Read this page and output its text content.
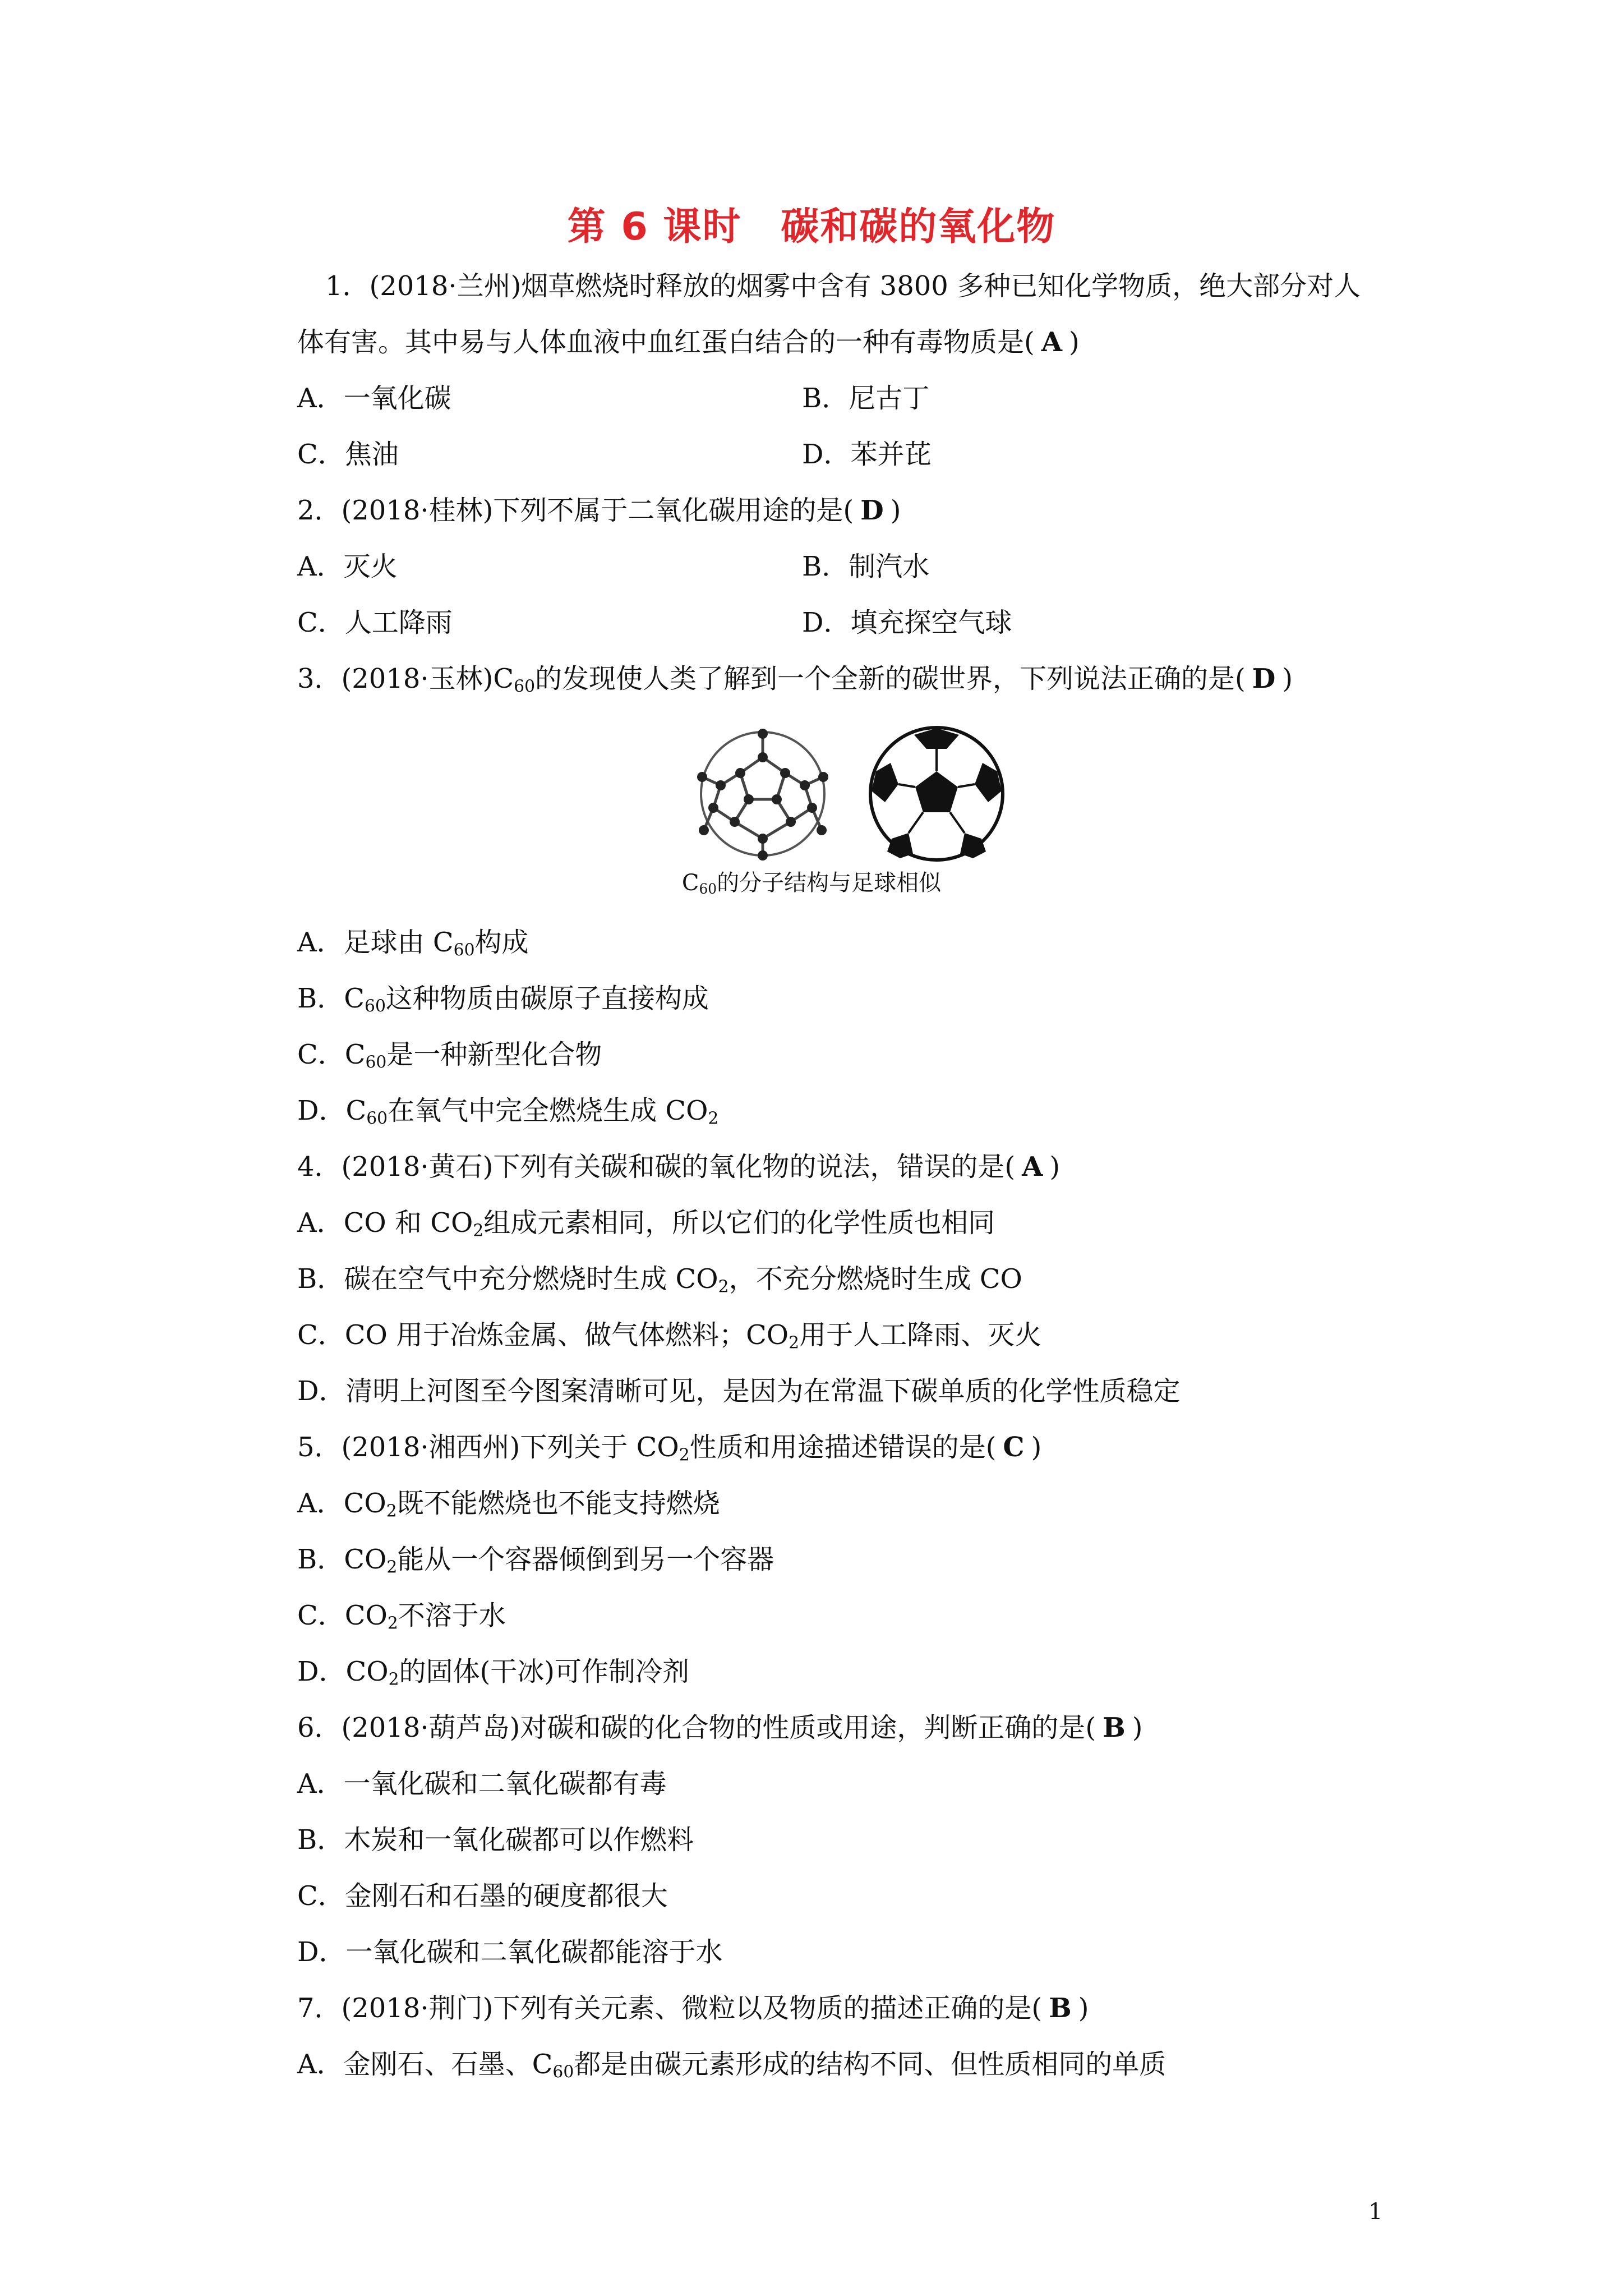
第 6 课时　碳和碳的氧化物
1．(2018·兰州)烟草燃烧时释放的烟雾中含有 3800 多种已知化学物质，绝大部分对人
体有害。其中易与人体血液中血红蛋白结合的一种有毒物质是( A )
A．一氧化碳	B．尼古丁
C．焦油	D．苯并芘
2．(2018·桂林)下列不属于二氧化碳用途的是( D )
A．灭火	B．制汽水
C．人工降雨	D．填充探空气球
3．(2018·玉林)$C_{60}$的发现使人类了解到一个全新的碳世界，下列说法正确的是( D )
$C_{60}$的分子结构与足球相似
A．足球由 $C_{60}$构成
B．$C_{60}$这种物质由碳原子直接构成
C．$C_{60}$是一种新型化合物
D．$C_{60}$在氧气中完全燃烧生成 $CO_2$
4．(2018·黄石)下列有关碳和碳的氧化物的说法，错误的是( A )
A．CO 和 $CO_2$组成元素相同，所以它们的化学性质也相同
B．碳在空气中充分燃烧时生成 $CO_2$，不充分燃烧时生成 CO
C．CO 用于冶炼金属、做气体燃料；$CO_2$用于人工降雨、灭火
D．清明上河图至今图案清晰可见，是因为在常温下碳单质的化学性质稳定
5．(2018·湘西州)下列关于 $CO_2$性质和用途描述错误的是( C )
A．$CO_2$既不能燃烧也不能支持燃烧
B．$CO_2$能从一个容器倾倒到另一个容器
C．$CO_2$不溶于水
D．$CO_2$的固体(干冰)可作制冷剂
6．(2018·葫芦岛)对碳和碳的化合物的性质或用途，判断正确的是( B )
A．一氧化碳和二氧化碳都有毒
B．木炭和一氧化碳都可以作燃料
C．金刚石和石墨的硬度都很大
D．一氧化碳和二氧化碳都能溶于水
7．(2018·荆门)下列有关元素、微粒以及物质的描述正确的是( B )
A．金刚石、石墨、$C_{60}$都是由碳元素形成的结构不同、但性质相同的单质
1
